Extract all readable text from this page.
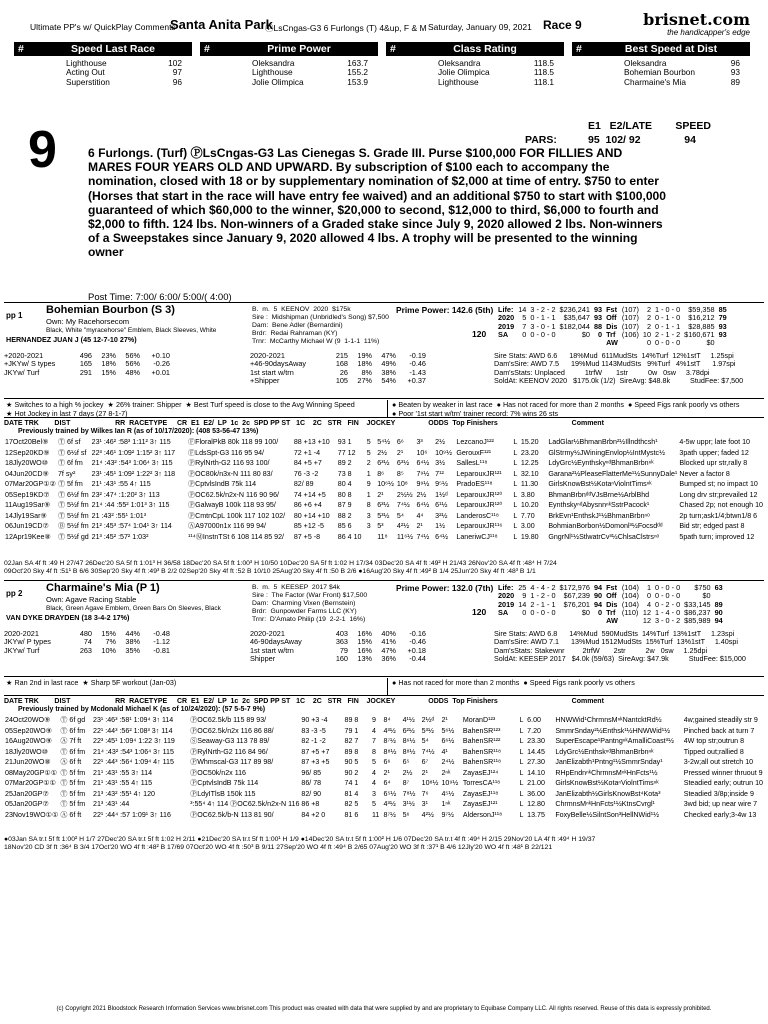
Ultimate PP's w/ QuickPlay Comments
Santa Anita Park
ⓅLsCngas-G3 6 Furlongs (T) 4&up, F & M Saturday, January 09, 2021 Race 9	brisnet.com
the handicapper's edge
#	Speed Last Race
Lighthouse	102
Acting Out	97
Superstition	96
#	Prime Power
Oleksandra	163.7
Lighthouse	155.2
Jolie Olimpica	153.9
#	Class Rating
Oleksandra	118.5
Jolie Olimpica	118.5
Lighthouse	118.1
#	Best Speed at Dist
Oleksandra	96
Bohemian Bourbon	93
Charmaine's Mia	89
9	E1   E2/LATE        SPEED
PARS:	95  102/ 92               94
6 Furlongs. (Turf) ⓅLsCngas-G3 Las Cienegas S. Grade III. Purse $100,000 FOR FILLIES AND MARES FOUR YEARS OLD AND UPWARD. By subscription of $100 each to accompany the nomination, closed with 18 or by supplementary nomination of $2,000 at time of entry. $750 to enter (Horses that start in the race will have entry fee waived) and an additional $750 to start with $100,000 guaranteed of which $60,000 to the winner, $20,000 to second, $12,000 to third, $6,000 to fourth and $2,000 to fifth. 124 lbs. Non-winners of a Graded stake since July 9, 2020 allowed 2 lbs. Non-winners of a Sweepstakes since January 9, 2020 allowed 4 lbs. A trophy will be presented to the winning owner
Post Time: 7:00/ 6:00/ 5:00/( 4:00)
pp 1 Bohemian Bourbon (S 3)
Own: My Racehorsecom
Black, White "myracehorse" Emblem, Black Sleeves, White
HERNANDEZ JUAN J (45 12-7-10 27%)
B.  m.  5  KEENOV  2020  $175k
Sire :  Midshipman (Unbridled's Song) $7,500
Dam:  Bene Adler (Bernardini)
Brdr:  Redai Rahraman (KY)
Trnr:  McCarthy Michael W (9  1-1-1  11%)
Prime Power: 142.6 (5th)
120
Life:	14	3 - 2 - 2	$236,241	93	Fst	(107)	2	1 - 0 - 0	$59,358	85
2020	5	0 - 1 - 1	$35,647	93	Off	(107)	2	0 - 1 - 0	$16,212	79
2019	7	3 - 0 - 1	$182,044	88	Dis	(107)	2	0 - 1 - 1	$28,885	93
SA	0	0 - 0 - 0	$0	0	Trf	(106)	10	2 - 1 - 2	$160,671	93
					AW		0	0 - 0 - 0	$0	
+2020-2021	496	23%	56%	+0.10
+JKYw/ S types	165	18%	56%	-0.26
JKYw/ Turf	291	15%	48%	+0.01
2020-2021	215	19%	47%	-0.19
+46-90daysAway	168	18%	49%	-0.46
1st start w/trn	26	8%	38%	-1.43
+Shipper	105	27%	54%	+0.37
Sire Stats: AWD 6.6      18%Mud  611MudSts  14%Turf  12%1stT     1.25spi
Dam'sSire: AWD 7.5      19%Mud 1143MudSts   9%Turf   4%1stT      1.97spi
Dam'sStats: Unplaced          1trfW       1str          0w   0sw     3.78dpi
SoldAt: KEENOV 2020   $175.0k (1/2)  SireAvg: $48.8k          StudFee: $7,500
★ Switches to a high % jockey  ★ 26% trainer: Shipper  ★ Best Turf speed is close to the Avg Winning Speed
★ Hot Jockey in last 7 days (27 8-1-7)
● Beaten by weaker in last race  ● Has not raced for more than 2 months  ● Speed Figs rank poorly vs others
● Poor '1st start w/trn' trainer record: 7% wins 26 sts
DATE TRK        DIST                       RR  RACETYPE     CR  E1  E2/  LP  1c  2c  SPD PP ST   1C    2C   STR   FIN    JOCKEY                 ODDS  Top Finishers                                      Comment
Previously trained by Wilkes Ian R (as of 10/17/2020): (408 53-56-47 13%)
17Oct20Bel⑨	Ⓣ 6f sf	23¹ :46² :58³ 1:11² 3↑ 115	ⒻFloralPkB 80k 118 99 100/	88 +13 +10	93 1	5	5⁴½	6⁶	3³	2½	LezcanoJ¹²²	L	15.20	LadGlar½BhmanBrbn²½Illndthcsh¹	4-5w uppr; late foot 10
12Sep20KD⑨	Ⓣ 6½f sf	22³ :46¹ 1:09² 1:15² 3↑ 117	ⒻLdsSpt-G3 116 95 94/	72 +1 -4	77 12	5	2½	2¹	10⁶	10⁹½	GerouxF¹²¹	L	23.20	GlStrmy½JWiningEnvlop½IntMystc½	3path upper; faded 12
18Jly20WO⑩	Ⓣ 6f fm	21⁴ :43² :54³ 1:06⁴ 3↑ 115	ⓅRylNrth-G2 116 93 100/	84 +5 +7	89 2	2	6³½	6³½	6⁴½	3½	SallesL¹¹⁸	L	12.25	LdyGrc½EynthskyⁿᵈBhmanBrbnⁿᵏ	Blocked upr str,rally 8
04Jun20CD⑨	7f sy²	23¹ :45¹ 1:09² 1:22² 3↑ 118	ⓅOC80k/n3x-N 111 80 83/	76 -3 -2	73 8	1	8⁶	8⁵	7⁹½	7¹²	LeparouxJR¹²¹	L	32.10	Garana²½PleaseFlatterMe¹½SunnyDale¹	Never a factor 8
07Mar20GP①②	Ⓣ 5f fm	21¹ :43¹ :55 4↑ 115	ⓅCptvlsIndB 75k 114	82/ 89	80 4	9	10⁶½	10⁸	9⁹½	9⁵½	PradoES¹¹⁸	L	11.30	GirlsKnowBst½KotaⁿViolntTimsⁿᵏ	Bumped st; no impact 10
05Sep19KD⑦	Ⓣ 6½f fm	23² :47⁴ :1:20² 3↑ 113	ⓅOC62.5k/n2x-N 116 90 96/	74 +14 +5	80 8	1	2¹	2½½	2½	1½ᵈ	LeparouxJR¹²⁰	L	3.80	BhmanBrbnᵈᵈVJsBrne½ArblBhd	Long drv str;prevailed 12
11Aug19Sar⑨	Ⓣ 5½f fm	21⁴ :44 :55² 1:01³ 3↑ 115	ⓅGalwayB 100k 118 93 95/	86 +6 +4	87 9	8	6³½	7⁴½	6⁴½	6¹½	LeparouxJR¹²⁰	L	10.20	EynthskyⁿᵈAbysnnⁿᵏSstrPacock¹	Chased 2p; not enough 10
14Jly19Sar⑨	Ⓣ 5½f fm	21 :43² :55¹ 1:01³	ⓅCmtnCpL 100k 117 102 102/	80 +14 +10	88 2	3	5³½	5⁴	4⁴	3²½	LanderosC¹¹⁸	L	7.70	BrkEvn¹EnthskJ¹½BhmanBrbnⁿᵒ	2p turn;ask1/4;btwn1/8 6
06Jun19CD⑦	Ⓑ 5½f fm	21² :45³ :57⁴ 1:04¹ 3↑ 114	ⒶA97000n1x 116 99 94/	85 +12 -5	85 6	3	5³	4²½	2¹	1½	LeparouxJR¹¹⁶	L	3.00	BohmianBorbon½Domonl³½Focsdᵈᵈ	Bid str; edged past 8
12Apr19Kee⑧	Ⓣ 5½f gd	21³ :45² :57² 1:03²	¹¹⁴ⓂInstnTSt 6 108 114 85 92/	87 +5 -8	86 4 10		11⁸	11⁶½	7⁴½	6⁴½	LaneriwCJ¹¹⁸	L	19.80	GngrNl¹½StlwatrCv³½ChlsaClstrsⁿᵒ	5path turn; improved 12
02Jan SA 4f ft :49 H 27/47 26Dec'20 SA 5f ft 1:01³ H 36/58 18Dec'20 SA 5f ft 1:00³ H 10/50 10Dec'20 SA 5f ft 1:02 H 17/34 03Dec'20 SA 4f ft :49² H 21/43 26Nov'20 SA 4f ft :48⁴ H 7/24
09Oct'20 Sky 4f ft :51¹ B 6/6 30Sep'20 Sky 4f ft :49³ B 2/2 02Sep'20 Sky 4f ft :52 B 10/10 25Aug'20 Sky 4f ft :50 B 2/6 ●16Aug'20 Sky 4f ft :49² B 1/4 25Jun'20 Sky 4f ft :48³ B 1/1
pp 2 Charmaine's Mia (P 1)
Own: Agave Racing Stable
Black, Green Agave Emblem, Green Bars On Sleeves, Black
VAN DYKE DRAYDEN (18 3-4-2 17%)
B.  m.  5  KEESEP  2017 $4k
Sire :  The Factor (War Front) $17,500
Dam:  Charming Vixen (Bernstein)
Brdr:  Gunpowder Farms LLC (KY)
Trnr:  D'Amato Philip (19  2-2-1  16%)
Prime Power: 132.0 (7th)
120
Life:	25	4 - 4 - 2	$172,976	94	Fst	(104)	1	0 - 0 - 0	$750	63
2020	9	1 - 2 - 0	$67,239	90	Off	(104)	0	0 - 0 - 0	$0	
2019	14	2 - 1 - 1	$76,201	94	Dis	(104)	4	0 - 2 - 0	$33,145	89
SA	0	0 - 0 - 0	$0	0	Trf	(110)	12	1 - 4 - 0	$86,237	90
					AW		12	3 - 0 - 2	$85,989	94
2020-2021	480	15%	44%	-0.48
JKYw/ P types	74	7%	38%	-1.12
JKYw/ Turf	263	10%	35%	-0.81
2020-2021	403	16%	40%	-0.16
46-90daysAway	363	15%	41%	-0.46
1st start w/trn	79	16%	47%	+0.18
Shipper	160	13%	36%	-0.44
Sire Stats: AWD 6.8      14%Mud  590MudSts  14%Turf  13%1stT     1.23spi
Dam'sSire: AWD 7.1      13%Mud 1512MudSts  15%Turf  13%1stT     1.40spi
Dam'sStats: Stakewnr         2trfW       2str          2w   0sw     1.25dpi
SoldAt: KEESEP 2017   $4.0k (59/63)  SireAvg: $47.9k          StudFee: $15,000
★ Ran 2nd in last race  ★ Sharp 5F workout (Jan-03)	● Has not raced for more than 2 months  ● Speed Figs rank poorly vs others
DATE TRK        DIST                       RR  RACETYPE     CR  E1  E2/  LP  1c  2c  SPD PP ST   1C    2C   STR   FIN    JOCKEY                 ODDS  Top Finishers                                      Comment
Previously trained by Mcdonald Michael K (as of 10/24/2020): (57 5-5-7 9%)
24Oct20WO⑨	Ⓣ 6f gd	23¹ :46³ :58¹ 1:09⁴ 3↑ 114	ⓅOC62.5k/b 115 89 93/	90 +3 -4	89 8	9	8⁴	4¹½	2½ᵈ	2¹	MoranD¹²³	L	6.00	HNWWid¹ChrmnsMⁿᵏNantcktRd½	4w;gained steadily str 9
05Sep20WO⑨	Ⓣ 6f fm	22¹ :44³ :56² 1:08³ 3↑ 114	ⓅOC62.5k/n2x 116 86 88/	83 -3 -5	79 1	4	4³½	6²½	5³½	5⁶½	BahenSR¹²³	L	7.20	SmmrSnday²½Enthsk¹½HNWWid¹½	Pinched back at turn 7
16Aug20WO⑨	Ⓐ 7f ft	22³ :45¹ 1:09⁴ 1:22 3↑ 119	ⓈSeaway-G3 113 78 89/	82 -1 -2	82 7	7	8⁷½	8⁶½	5⁴	6⁶½	BahenSR¹²²	L	23.30	SuperEscape¹PantngⁿᵏAmalliCoast³½	4W top str;outrun 8
18Jly20WO⑩	Ⓣ 6f fm	21⁴ :43² :54³ 1:06⁴ 3↑ 115	ⓅRylNrth-G2 116 84 96/	87 +5 +7	89 8	8	8⁸½	8⁸½	7⁴½	4¹	BahenSR¹¹⁸	L	14.45	LdyGrc½EnthskⁿᵈBhmanBrbnⁿᵏ	Tipped out;rallied 8
21Jun20WO⑧	Ⓐ 6f ft	22¹ :44³ :56⁴ 1:09⁴ 4↑ 115	ⓅWhmscal-G3 117 89 98/	87 +3 +5	90 5	5	6⁶	6⁵	6⁷	2⁴½	BahenSR¹¹⁸	L	27.30	JanElizabth¹Pntng¹½SmmrSnday¹	3-2w;all out stretch 10
08May20GP①①	Ⓣ 5f fm	21¹ :43¹ :55 3↑ 114	ⓅOC50k/n2x 116	96/ 85	90 2	4	2¹	2½	2¹	2ⁿᵏ	ZayasEJ¹²⁴	L	14.10	RHpEndnⁿᵏChrmnsMⁿᵏHnFcts¹½	Pressed winner thruout 9
07Mar20GP①①	Ⓣ 5f fm	21¹ :43¹ :55 4↑ 115	ⓅCptvlsIndB 75k 114	86/ 78	74 1	4	6⁴	8⁷	10⁸½	10⁹½	TorresCA¹¹⁸	L	21.00	GirlsKnowBst½KotaⁿViolntTimsⁿᵏ	Steadied early; outrun 10
25Jan20GP⑦	Ⓣ 5f fm	21³ :43² :55¹ 4↑ 120	ⓅLdyITlsB 150k 115	82/ 90	81 4	3	6⁵½	7⁸½	7⁶	4⁵½	ZayasEJ¹¹⁸	L	36.00	JanElizabth½GirlsKnowBst⁴Kota³	Steadied 3/8p;inside 9
05Jan20GP⑦	Ⓣ 5f fm	21³ :43¹ :44	³:55⁴ 4↑ 114 ⓅOC62.5k/n2x-N 116	86 +8	82 5	5	4³½	3¹½	3¹	1ⁿᵏ	ZayasEJ¹²¹	L	12.80	ChrmnsMⁿᵏHnFcts¹½KtnsCvrgl¹	3wd bid; up near wire 7
23Nov19WO①①	Ⓐ 6f ft	22¹ :44⁴ :57 1:09¹ 3↑ 116	ⓅOC62.5k/b-N 113 81 90/	84 +2 0	81 6	11	8⁷½	5⁶	4²½	9⁷½	AldersonJ¹¹⁸	L	13.75	FoxyBelle½SilntSon³HellNWid¹½	Checked early;3-4w 13
●03Jan SA tr.t 5f ft 1:00² H 1/7 27Dec'20 SA tr.t 5f ft 1:02 H 2/11 ●21Dec'20 SA tr.t 5f ft 1:00¹ H 1/9 ●14Dec'20 SA tr.t 5f ft 1:00² H 1/6 07Dec'20 SA tr.t 4f ft :49⁴ H 2/15 29Nov'20 LA 4f ft :49⁴ H 19/37
18Nov'20 CD 3f ft :36⁴ B 3/4 17Oct'20 WO 4f ft :48² B 17/69 07Oct'20 WO 4f ft :50³ B 9/11 27Sep'20 WO 4f ft :49⁴ B 2/65 07Aug'20 WO 3f ft :37¹ B 4/6 12Jly'20 WO 4f ft :48¹ B 22/121
(c) Copyright 2021 Bloodstock Research Information Services www.brisnet.com This product was created with data that were supplied by and are proprietary to Equibase Company LLC. All rights reserved. Reuse of this data is expressly prohibited.
